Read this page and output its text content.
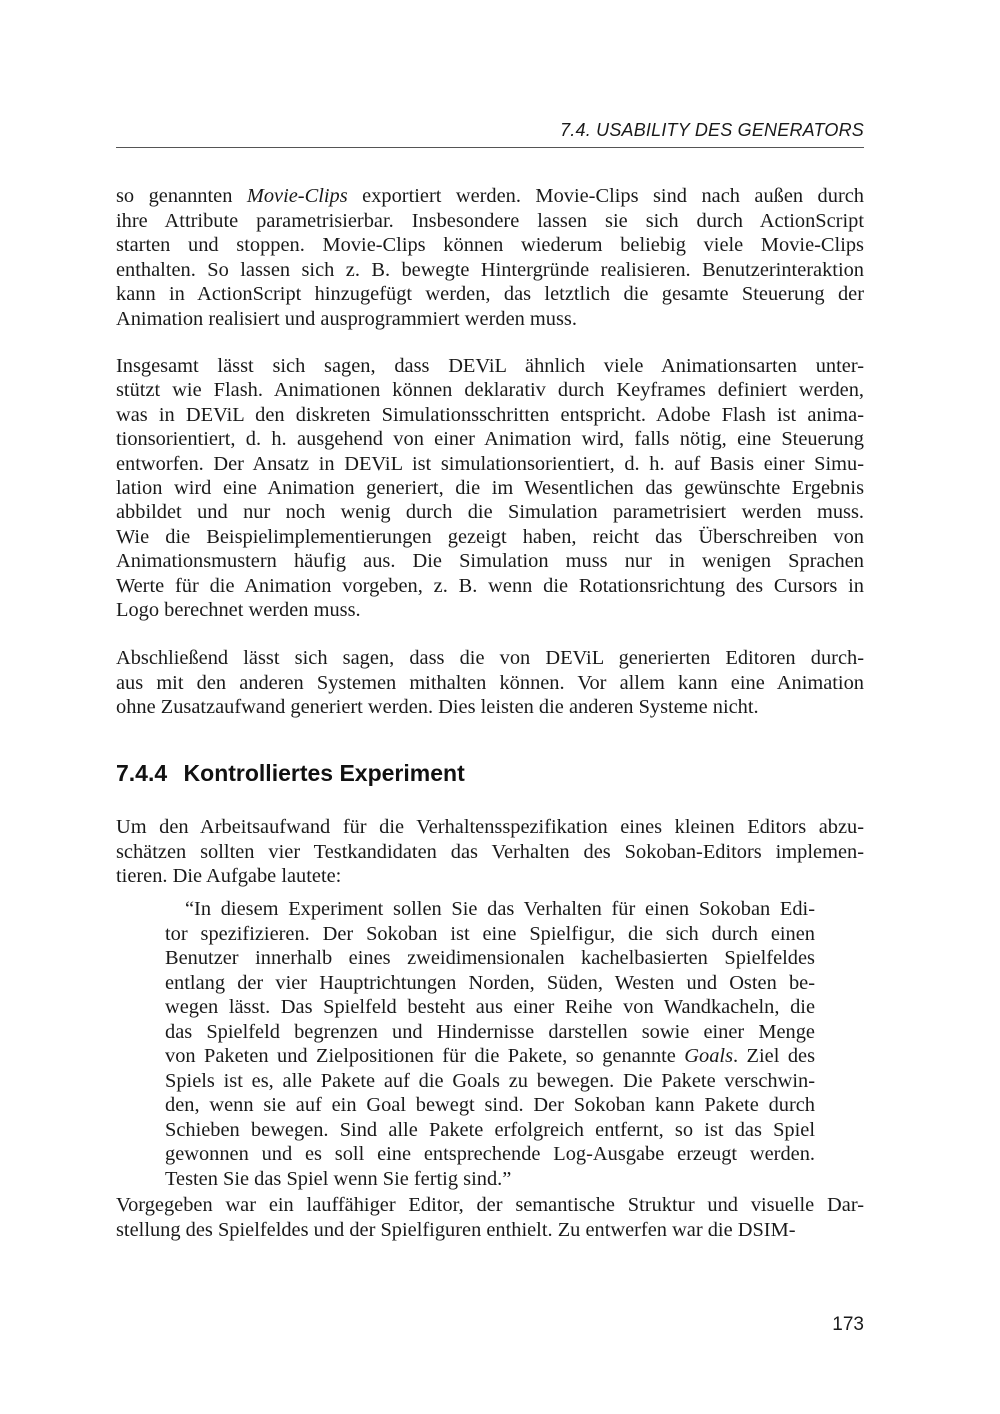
7.4. USABILITY DES GENERATORS
so genannten Movie-Clips exportiert werden. Movie-Clips sind nach außen durch
ihre Attribute parametrisierbar. Insbesondere lassen sie sich durch ActionScript
starten und stoppen. Movie-Clips können wiederum beliebig viele Movie-Clips
enthalten. So lassen sich z. B. bewegte Hintergründe realisieren. Benutzerinteraktion
kann in ActionScript hinzugefügt werden, das letztlich die gesamte Steuerung der
Animation realisiert und ausprogrammiert werden muss.
Insgesamt lässt sich sagen, dass DEViL ähnlich viele Animationsarten unter-
stützt wie Flash. Animationen können deklarativ durch Keyframes definiert werden,
was in DEViL den diskreten Simulationsschritten entspricht. Adobe Flash ist anima-
tionsorientiert, d. h. ausgehend von einer Animation wird, falls nötig, eine Steuerung
entworfen. Der Ansatz in DEViL ist simulationsorientiert, d. h. auf Basis einer Simu-
lation wird eine Animation generiert, die im Wesentlichen das gewünschte Ergebnis
abbildet und nur noch wenig durch die Simulation parametrisiert werden muss.
Wie die Beispielimplementierungen gezeigt haben, reicht das Überschreiben von
Animationsmustern häufig aus. Die Simulation muss nur in wenigen Sprachen
Werte für die Animation vorgeben, z. B. wenn die Rotationsrichtung des Cursors in
Logo berechnet werden muss.
Abschließend lässt sich sagen, dass die von DEViL generierten Editoren durch-
aus mit den anderen Systemen mithalten können. Vor allem kann eine Animation
ohne Zusatzaufwand generiert werden. Dies leisten die anderen Systeme nicht.
7.4.4 Kontrolliertes Experiment
Um den Arbeitsaufwand für die Verhaltensspezifikation eines kleinen Editors abzu-
schätzen sollten vier Testkandidaten das Verhalten des Sokoban-Editors implemen-
tieren. Die Aufgabe lautete:
“In diesem Experiment sollen Sie das Verhalten für einen Sokoban Edi-
tor spezifizieren. Der Sokoban ist eine Spielfigur, die sich durch einen
Benutzer innerhalb eines zweidimensionalen kachelbasierten Spielfeldes
entlang der vier Hauptrichtungen Norden, Süden, Westen und Osten be-
wegen lässt. Das Spielfeld besteht aus einer Reihe von Wandkacheln, die
das Spielfeld begrenzen und Hindernisse darstellen sowie einer Menge
von Paketen und Zielpositionen für die Pakete, so genannte Goals. Ziel des
Spiels ist es, alle Pakete auf die Goals zu bewegen. Die Pakete verschwin-
den, wenn sie auf ein Goal bewegt sind. Der Sokoban kann Pakete durch
Schieben bewegen. Sind alle Pakete erfolgreich entfernt, so ist das Spiel
gewonnen und es soll eine entsprechende Log-Ausgabe erzeugt werden.
Testen Sie das Spiel wenn Sie fertig sind.”
Vorgegeben war ein lauffähiger Editor, der semantische Struktur und visuelle Dar-
stellung des Spielfeldes und der Spielfiguren enthielt. Zu entwerfen war die DSIM-
173
